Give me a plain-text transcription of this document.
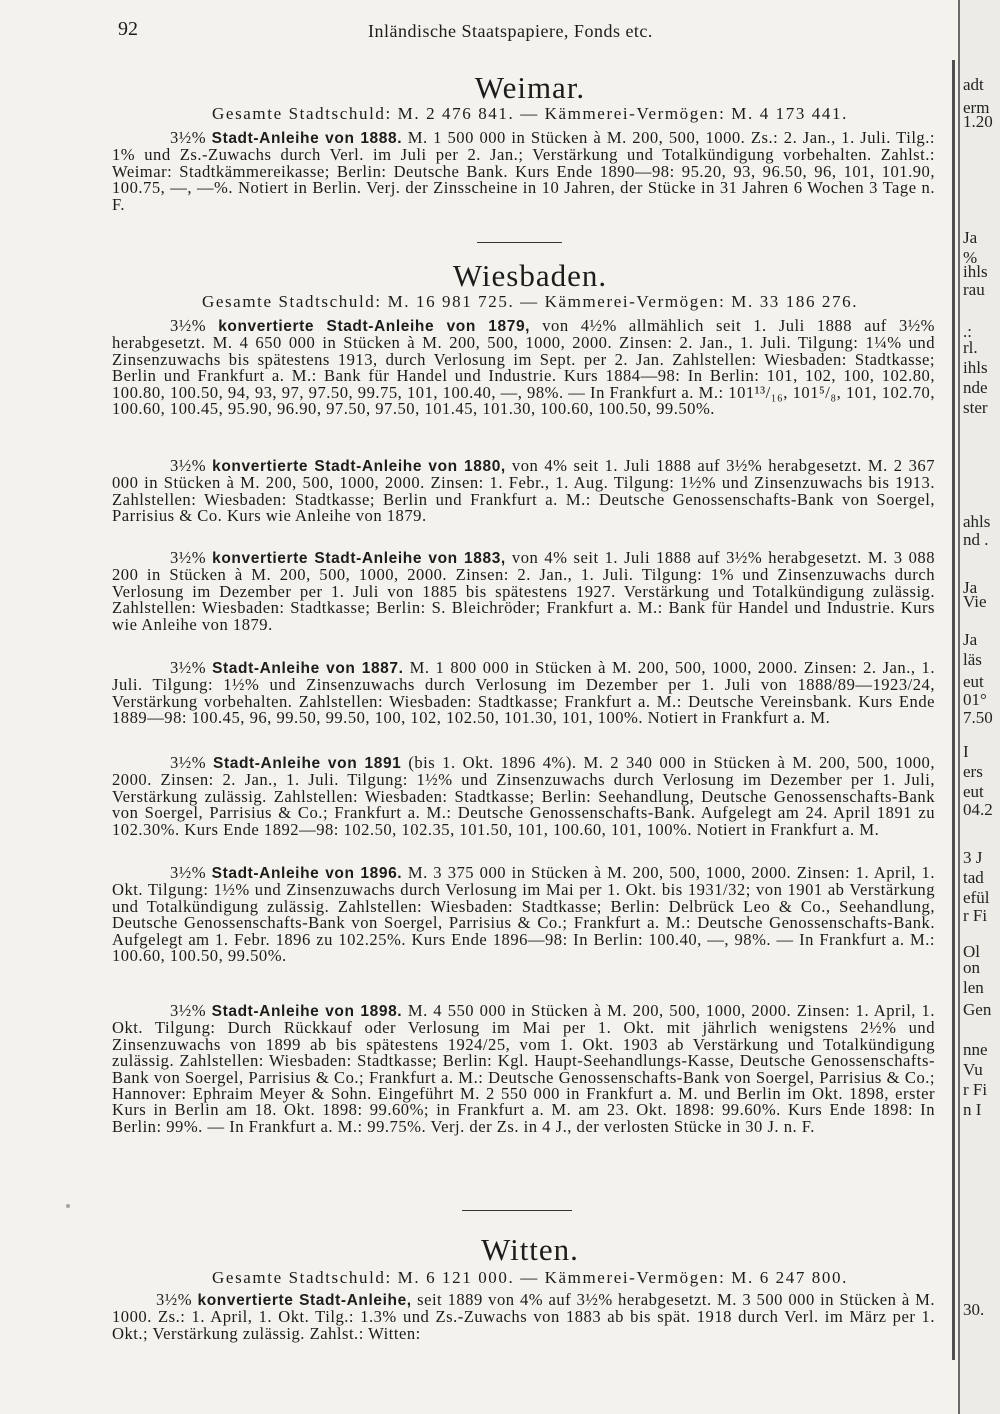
92	Inländische Staatspapiere, Fonds etc.
Weimar.
Gesamte Stadtschuld: M. 2 476 841. — Kämmerei-Vermögen: M. 4 173 441.
3½% Stadt-Anleihe von 1888. M. 1 500 000 in Stücken à M. 200, 500, 1000. Zs.: 2. Jan., 1. Juli. Tilg.: 1% und Zs.-Zuwachs durch Verl. im Juli per 2. Jan.; Verstärkung und Totalkündigung vorbehalten. Zahlst.: Weimar: Stadtkämmereikasse; Berlin: Deutsche Bank. Kurs Ende 1890—98: 95.20, 93, 96.50, 96, 101, 101.90, 100.75, —, —%. Notiert in Berlin. Verj. der Zinsscheine in 10 Jahren, der Stücke in 31 Jahren 6 Wochen 3 Tage n. F.
Wiesbaden.
Gesamte Stadtschuld: M. 16 981 725. — Kämmerei-Vermögen: M. 33 186 276.
3½% konvertierte Stadt-Anleihe von 1879, von 4½% allmählich seit 1. Juli 1888 auf 3½% herabgesetzt. M. 4 650 000 in Stücken à M. 200, 500, 1000, 2000. Zinsen: 2. Jan., 1. Juli. Tilgung: 1¼% und Zinsenzuwachs bis spätestens 1913, durch Verlosung im Sept. per 2. Jan. Zahlstellen: Wiesbaden: Stadtkasse; Berlin und Frankfurt a. M.: Bank für Handel und Industrie. Kurs 1884—98: In Berlin: 101, 102, 100, 102.80, 100.80, 100.50, 94, 93, 97, 97.50, 99.75, 101, 100.40, —, 98%. — In Frankfurt a. M.: 101¹³/₁₆, 101⁵/₈, 101, 102.70, 100.60, 100.45, 95.90, 96.90, 97.50, 97.50, 101.45, 101.30, 100.60, 100.50, 99.50%.
3½% konvertierte Stadt-Anleihe von 1880, von 4% seit 1. Juli 1888 auf 3½% herabgesetzt. M. 2 367 000 in Stücken à M. 200, 500, 1000, 2000. Zinsen: 1. Febr., 1. Aug. Tilgung: 1½% und Zinsenzuwachs bis 1913. Zahlstellen: Wiesbaden: Stadtkasse; Berlin und Frankfurt a. M.: Deutsche Genossenschafts-Bank von Soergel, Parrisius & Co. Kurs wie Anleihe von 1879.
3½% konvertierte Stadt-Anleihe von 1883, von 4% seit 1. Juli 1888 auf 3½% herabgesetzt. M. 3 088 200 in Stücken à M. 200, 500, 1000, 2000. Zinsen: 2. Jan., 1. Juli. Tilgung: 1% und Zinsenzuwachs durch Verlosung im Dezember per 1. Juli von 1885 bis spätestens 1927. Verstärkung und Totalkündigung zulässig. Zahlstellen: Wiesbaden: Stadtkasse; Berlin: S. Bleichröder; Frankfurt a. M.: Bank für Handel und Industrie. Kurs wie Anleihe von 1879.
3½% Stadt-Anleihe von 1887. M. 1 800 000 in Stücken à M. 200, 500, 1000, 2000. Zinsen: 2. Jan., 1. Juli. Tilgung: 1½% und Zinsenzuwachs durch Verlosung im Dezember per 1. Juli von 1888/89—1923/24, Verstärkung vorbehalten. Zahlstellen: Wiesbaden: Stadtkasse; Frankfurt a. M.: Deutsche Vereinsbank. Kurs Ende 1889—98: 100.45, 96, 99.50, 99.50, 100, 102, 102.50, 101.30, 101, 100%. Notiert in Frankfurt a. M.
3½% Stadt-Anleihe von 1891 (bis 1. Okt. 1896 4%). M. 2 340 000 in Stücken à M. 200, 500, 1000, 2000. Zinsen: 2. Jan., 1. Juli. Tilgung: 1½% und Zinsenzuwachs durch Verlosung im Dezember per 1. Juli, Verstärkung zulässig. Zahlstellen: Wiesbaden: Stadtkasse; Berlin: Seehandlung, Deutsche Genossenschafts-Bank von Soergel, Parrisius & Co.; Frankfurt a. M.: Deutsche Genossenschafts-Bank. Aufgelegt am 24. April 1891 zu 102.30%. Kurs Ende 1892—98: 102.50, 102.35, 101.50, 101, 100.60, 101, 100%. Notiert in Frankfurt a. M.
3½% Stadt-Anleihe von 1896. M. 3 375 000 in Stücken à M. 200, 500, 1000, 2000. Zinsen: 1. April, 1. Okt. Tilgung: 1½% und Zinsenzuwachs durch Verlosung im Mai per 1. Okt. bis 1931/32; von 1901 ab Verstärkung und Totalkündigung zulässig. Zahlstellen: Wiesbaden: Stadtkasse; Berlin: Delbrück Leo & Co., Seehandlung, Deutsche Genossenschafts-Bank von Soergel, Parrisius & Co.; Frankfurt a. M.: Deutsche Genossenschafts-Bank. Aufgelegt am 1. Febr. 1896 zu 102.25%. Kurs Ende 1896—98: In Berlin: 100.40, —, 98%. — In Frankfurt a. M.: 100.60, 100.50, 99.50%.
3½% Stadt-Anleihe von 1898. M. 4 550 000 in Stücken à M. 200, 500, 1000, 2000. Zinsen: 1. April, 1. Okt. Tilgung: Durch Rückkauf oder Verlosung im Mai per 1. Okt. mit jährlich wenigstens 2½% und Zinsenzuwachs von 1899 ab bis spätestens 1924/25, vom 1. Okt. 1903 ab Verstärkung und Totalkündigung zulässig. Zahlstellen: Wiesbaden: Stadtkasse; Berlin: Kgl. Haupt-Seehandlungs-Kasse, Deutsche Genossenschafts-Bank von Soergel, Parrisius & Co.; Frankfurt a. M.: Deutsche Genossenschafts-Bank von Soergel, Parrisius & Co.; Hannover: Ephraim Meyer & Sohn. Eingeführt M. 2 550 000 in Frankfurt a. M. und Berlin im Okt. 1898, erster Kurs in Berlin am 18. Okt. 1898: 99.60%; in Frankfurt a. M. am 23. Okt. 1898: 99.60%. Kurs Ende 1898: In Berlin: 99%. — In Frankfurt a. M.: 99.75%. Verj. der Zs. in 4 J., der verlosten Stücke in 30 J. n. F.
Witten.
Gesamte Stadtschuld: M. 6 121 000. — Kämmerei-Vermögen: M. 6 247 800.
3½% konvertierte Stadt-Anleihe, seit 1889 von 4% auf 3½% herabgesetzt. M. 3 500 000 in Stücken à M. 1000. Zs.: 1. April, 1. Okt. Tilg.: 1.3% und Zs.-Zuwachs von 1883 ab bis spät. 1918 durch Verl. im März per 1. Okt.; Verstärkung zulässig. Zahlst.: Witten:
adt
erm
1.20
Ja
%
ihls
rau
.:
rl.
ihls
nde
ster
ahls
nd .
Ja
Vie
Ja
läs
eut
01°
7.50
I
ers
eut
04.2
3 J
tad
efül
r Fi
Ol
on
len
Gen
nne
Vu
r Fi
n I
30.
